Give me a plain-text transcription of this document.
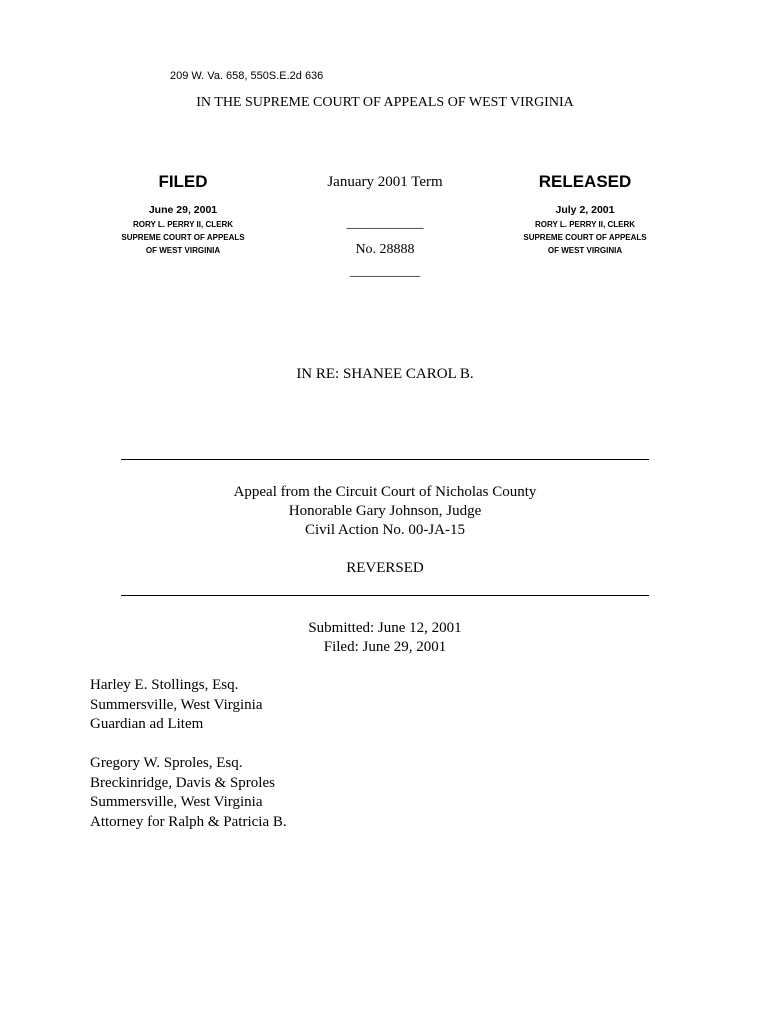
209 W. Va. 658, 550S.E.2d 636
IN THE SUPREME COURT OF APPEALS OF WEST VIRGINIA
FILED
June 29, 2001
RORY L. PERRY II, CLERK
SUPREME COURT OF APPEALS
OF WEST VIRGINIA
January 2001 Term
___________
No. 28888
__________
RELEASED
July 2, 2001
RORY L. PERRY II, CLERK
SUPREME COURT OF APPEALS
OF WEST VIRGINIA
IN RE: SHANEE CAROL B.
Appeal from the Circuit Court of Nicholas County
Honorable Gary Johnson, Judge
Civil Action No. 00-JA-15
REVERSED
Submitted: June 12, 2001
Filed: June 29, 2001
Harley E. Stollings, Esq.
Summersville, West Virginia
Guardian ad Litem
Gregory W. Sproles, Esq.
Breckinridge, Davis & Sproles
Summersville, West Virginia
Attorney for Ralph & Patricia B.
